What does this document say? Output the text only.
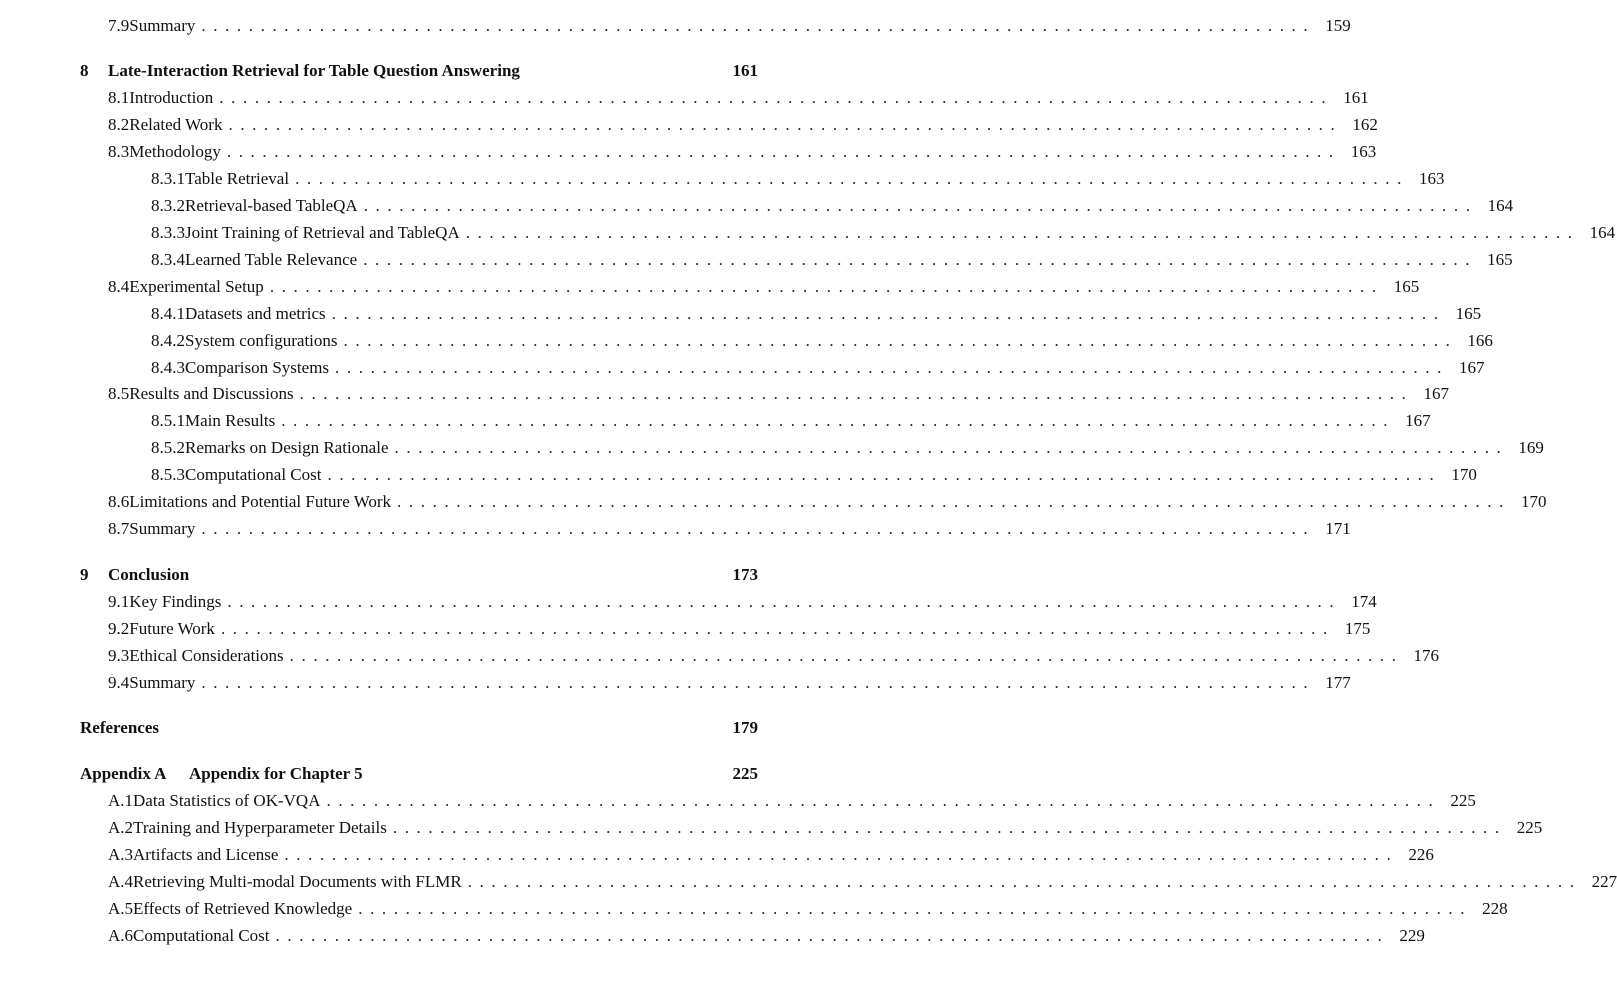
7.9 Summary .............................................................................................. 159
8	Late-Interaction Retrieval for Table Question Answering	161
8.1 Introduction .............................................................................................. 161
8.2 Related Work .............................................................................................. 162
8.3 Methodology .............................................................................................. 163
8.3.1 Table Retrieval .............................................................................................. 163
8.3.2 Retrieval-based TableQA .............................................................................................. 164
8.3.3 Joint Training of Retrieval and TableQA .............................................................................................. 164
8.3.4 Learned Table Relevance .............................................................................................. 165
8.4 Experimental Setup .............................................................................................. 165
8.4.1 Datasets and metrics .............................................................................................. 165
8.4.2 System configurations .............................................................................................. 166
8.4.3 Comparison Systems .............................................................................................. 167
8.5 Results and Discussions .............................................................................................. 167
8.5.1 Main Results .............................................................................................. 167
8.5.2 Remarks on Design Rationale .............................................................................................. 169
8.5.3 Computational Cost .............................................................................................. 170
8.6 Limitations and Potential Future Work .............................................................................................. 170
8.7 Summary .............................................................................................. 171
9	Conclusion	173
9.1 Key Findings .............................................................................................. 174
9.2 Future Work .............................................................................................. 175
9.3 Ethical Considerations .............................................................................................. 176
9.4 Summary .............................................................................................. 177
References	179
Appendix A	Appendix for Chapter 5	225
A.1 Data Statistics of OK-VQA .............................................................................................. 225
A.2 Training and Hyperparameter Details .............................................................................................. 225
A.3 Artifacts and License .............................................................................................. 226
A.4 Retrieving Multi-modal Documents with FLMR .............................................................................................. 227
A.5 Effects of Retrieved Knowledge .............................................................................................. 228
A.6 Computational Cost .............................................................................................. 229
